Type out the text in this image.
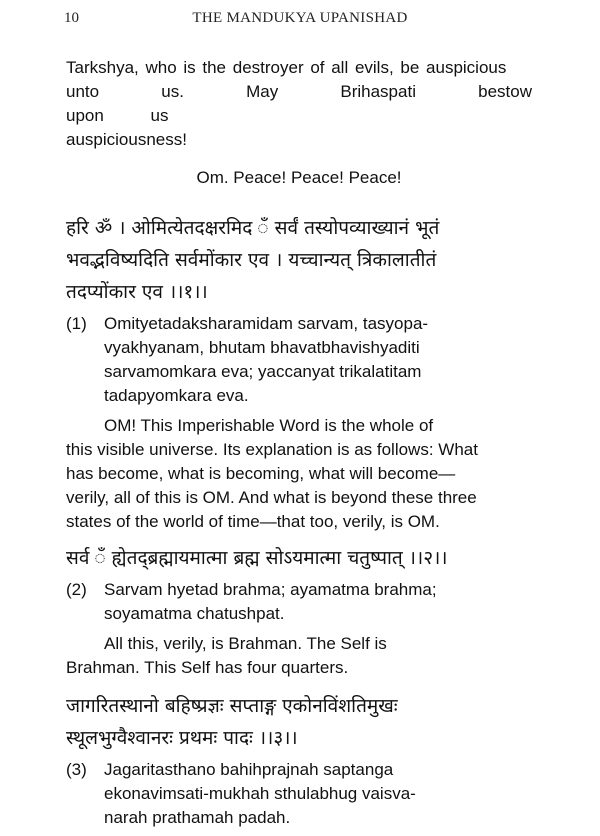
10	THE MANDUKYA UPANISHAD
Tarkshya, who is the destroyer of all evils, be auspicious
unto us. May Brihaspati bestow upon us
auspiciousness!
Om. Peace! Peace! Peace!
हरि ॐ । ओमित्येतदक्षरमिद ँ सर्वं तस्योपव्याख्यानं भूतं
भवद्भविष्यदिति सर्वमोंकार एव । यच्चान्यत् त्रिकालातीतं
तदप्योंकार एव ।।१।।
(1)	Omityetadaksharamidam sarvam, tasyopa-
vyakhyanam, bhutam bhavatbhavishyaditi
sarvamomkara eva; yaccanyat trikalatitam
tadapyomkara eva.
OM! This Imperishable Word is the whole of
this visible universe. Its explanation is as follows: What
has become, what is becoming, what will become—
verily, all of this is OM. And what is beyond these three
states of the world of time—that too, verily, is OM.
सर्व ँ ह्येतद्ब्रह्मायमात्मा ब्रह्म सोऽयमात्मा चतुष्पात् ।।२।।
(2)	Sarvam hyetad brahma; ayamatma brahma;
soyamatma chatushpat.
All this, verily, is Brahman. The Self is
Brahman. This Self has four quarters.
जागरितस्थानो बहिष्प्रज्ञः सप्ताङ्ग एकोनविंशतिमुखः
स्थूलभुग्वैश्वानरः प्रथमः पादः ।।३।।
(3)	Jagaritasthano bahihprajnah saptanga
ekonavimsati-mukhah sthulabhug vaisva-
narah prathamah padah.
